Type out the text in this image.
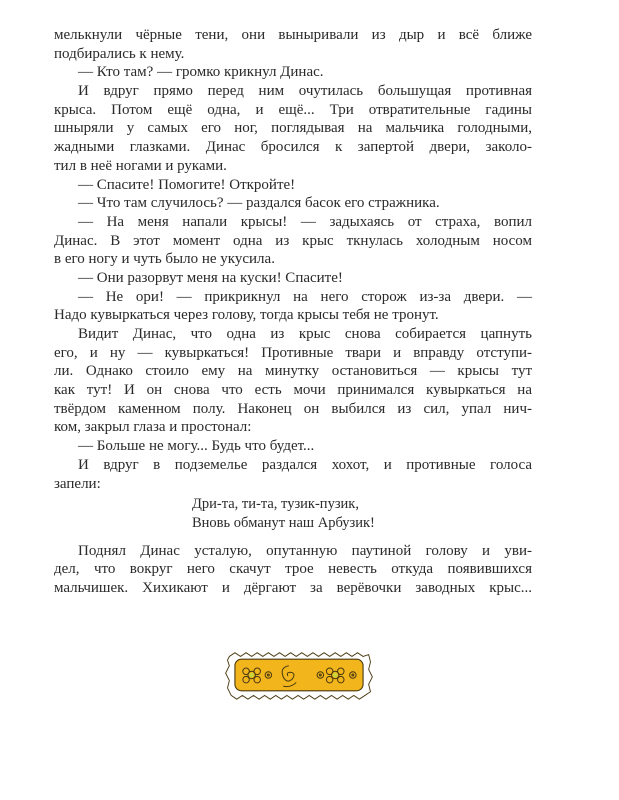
мелькнули чёрные тени, они выныривали из дыр и всё ближе
подбирались к нему.
— Кто там? — громко крикнул Динас.
И вдруг прямо перед ним очутилась большущая противная
крыса. Потом ещё одна, и ещё... Три отвратительные гадины
шныряли у самых его ног, поглядывая на мальчика голодными,
жадными глазками. Динас бросился к запертой двери, заколо-
тил в неё ногами и руками.
— Спасите! Помогите! Откройте!
— Что там случилось? — раздался басок его стражника.
— На меня напали крысы! — задыхаясь от страха, вопил
Динас. В этот момент одна из крыс ткнулась холодным носом
в его ногу и чуть было не укусила.
— Они разорвут меня на куски! Спасите!
— Не ори! — прикрикнул на него сторож из-за двери. —
Надо кувыркаться через голову, тогда крысы тебя не тронут.
Видит Динас, что одна из крыс снова собирается цапнуть
его, и ну — кувыркаться! Противные твари и вправду отступи-
ли. Однако стоило ему на минутку остановиться — крысы тут
как тут! И он снова что есть мочи принимался кувыркаться на
твёрдом каменном полу. Наконец он выбился из сил, упал нич-
ком, закрыл глаза и простонал:
— Больше не могу... Будь что будет...
И вдруг в подземелье раздался хохот, и противные голоса
запели:
Дри-та, ти-та, тузик-пузик,
Вновь обманут наш Арбузик!
Поднял Динас усталую, опутанную паутиной голову и уви-
дел, что вокруг него скачут трое невесть откуда появившихся
мальчишек. Хихикают и дёргают за верёвочки заводных крыс...
